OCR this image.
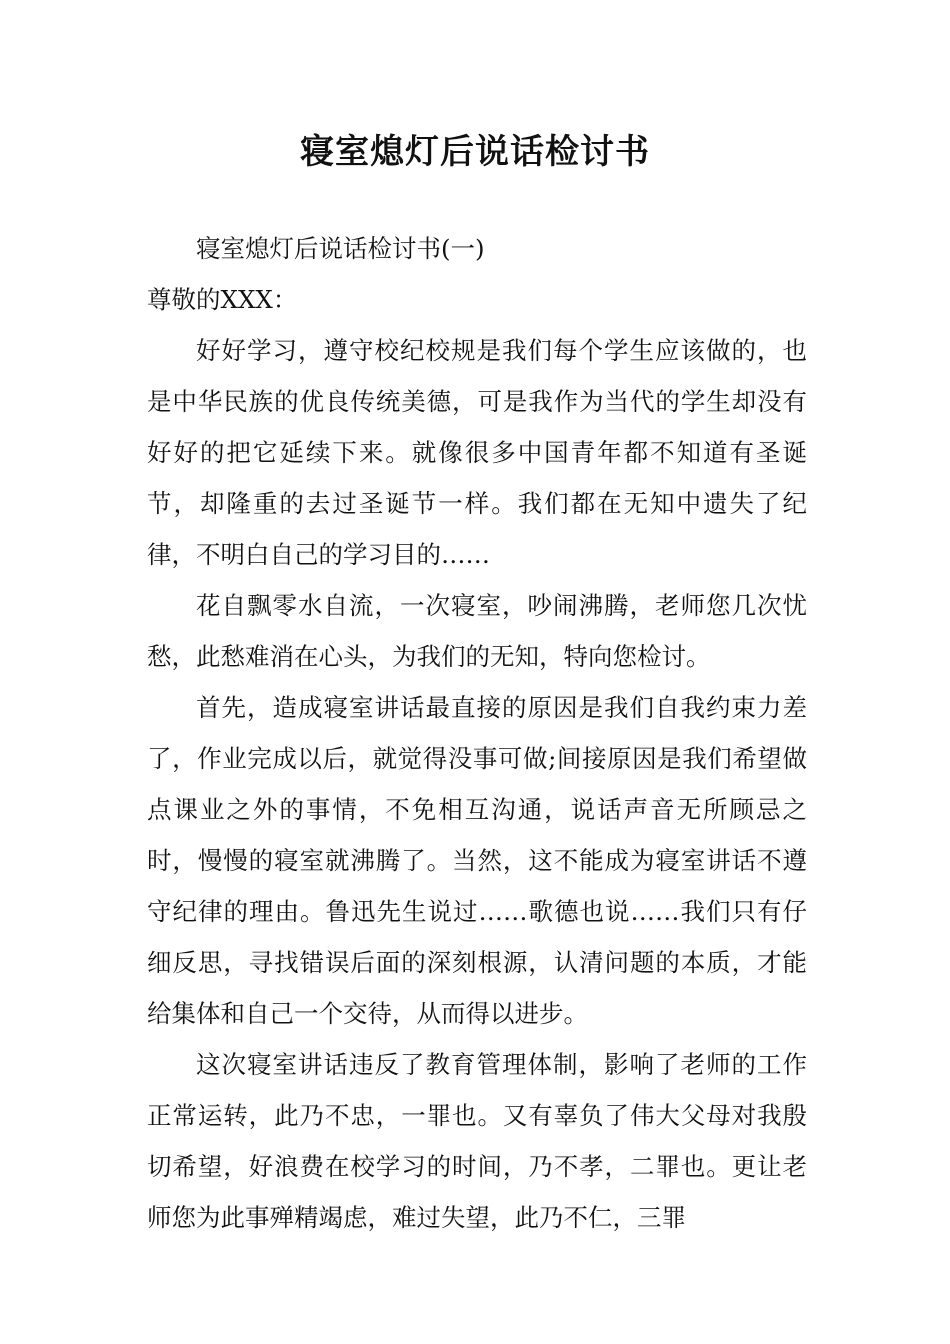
寝室熄灯后说话检讨书

寝室熄灯后说话检讨书(一)

尊敬的XXX：

好好学习，遵守校纪校规是我们每个学生应该做的，也是中华民族的优良传统美德，可是我作为当代的学生却没有好好的把它延续下来。就像很多中国青年都不知道有圣诞节，却隆重的去过圣诞节一样。我们都在无知中遗失了纪律，不明白自己的学习目的……

花自飘零水自流，一次寝室，吵闹沸腾，老师您几次忧愁，此愁难消在心头，为我们的无知，特向您检讨。

首先，造成寝室讲话最直接的原因是我们自我约束力差了，作业完成以后，就觉得没事可做;间接原因是我们希望做点课业之外的事情，不免相互沟通，说话声音无所顾忌之时，慢慢的寝室就沸腾了。当然，这不能成为寝室讲话不遵守纪律的理由。鲁迅先生说过……歌德也说……我们只有仔细反思，寻找错误后面的深刻根源，认清问题的本质，才能给集体和自己一个交待，从而得以进步。

这次寝室讲话违反了教育管理体制，影响了老师的工作正常运转，此乃不忠，一罪也。又有辜负了伟大父母对我殷切希望，好浪费在校学习的时间，乃不孝，二罪也。更让老师您为此事殚精竭虑，难过失望，此乃不仁，三罪
